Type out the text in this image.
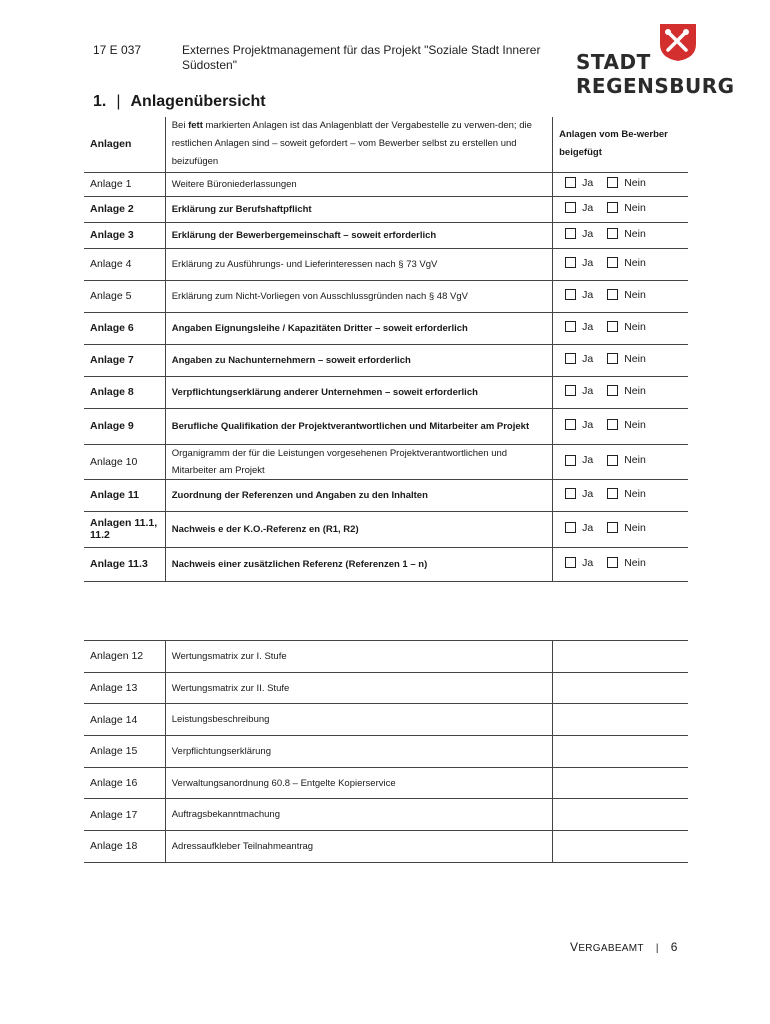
17 E 037	Externes Projektmanagement für das Projekt "Soziale Stadt Innerer Südosten"	STADT
REGENSBURG
1. | Anlagenübersicht
Anlagen	Bei fett markierten Anlagen ist das Anlagenblatt der Vergabestelle zu verwen-den; die restlichen Anlagen sind – soweit gefordert – vom Bewerber selbst zu erstellen und beizufügen	Anlagen vom Be-werber beigefügt
Anlage 1	Weitere Büroniederlassungen	Ja Nein

Anlage 2	Erklärung zur Berufshaftpflicht	Ja Nein

Anlage 3	Erklärung der Bewerbergemeinschaft – soweit erforderlich	Ja Nein

Anlage 4	Erklärung zu Ausführungs- und Lieferinteressen nach § 73 VgV	Ja Nein

Anlage 5	Erklärung zum Nicht-Vorliegen von Ausschlussgründen nach § 48 VgV	Ja Nein

Anlage 6	Angaben Eignungsleihe / Kapazitäten Dritter – soweit erforderlich	Ja Nein

Anlage 7	Angaben zu Nachunternehmern – soweit erforderlich	Ja Nein

Anlage 8	Verpflichtungserklärung anderer Unternehmen – soweit erforderlich	Ja Nein

Anlage 9	Berufliche Qualifikation der Projektverantwortlichen und Mitarbeiter am Projekt	Ja Nein

Anlage 10	Organigramm der für die Leistungen vorgesehenen Projektverantwortlichen und Mitarbeiter am Projekt	Ja Nein

Anlage 11	Zuordnung der Referenzen und Angaben zu den Inhalten	Ja Nein

Anlagen 11.1, 11.2	Nachweis e der K.O.-Referenz en (R1, R2)	Ja Nein

Anlage 11.3	Nachweis einer zusätzlichen Referenz (Referenzen 1 – n)	Ja Nein
Anlagen 12	Wertungsmatrix zur I. Stufe	
Anlage 13	Wertungsmatrix zur II. Stufe	
Anlage 14	Leistungsbeschreibung	
Anlage 15	Verpflichtungserklärung	
Anlage 16	Verwaltungsanordnung 60.8 – Entgelte Kopierservice	
Anlage 17	Auftragsbekanntmachung	
Anlage 18	Adressaufkleber Teilnahmeantrag	
VERGABEAMT | 6
